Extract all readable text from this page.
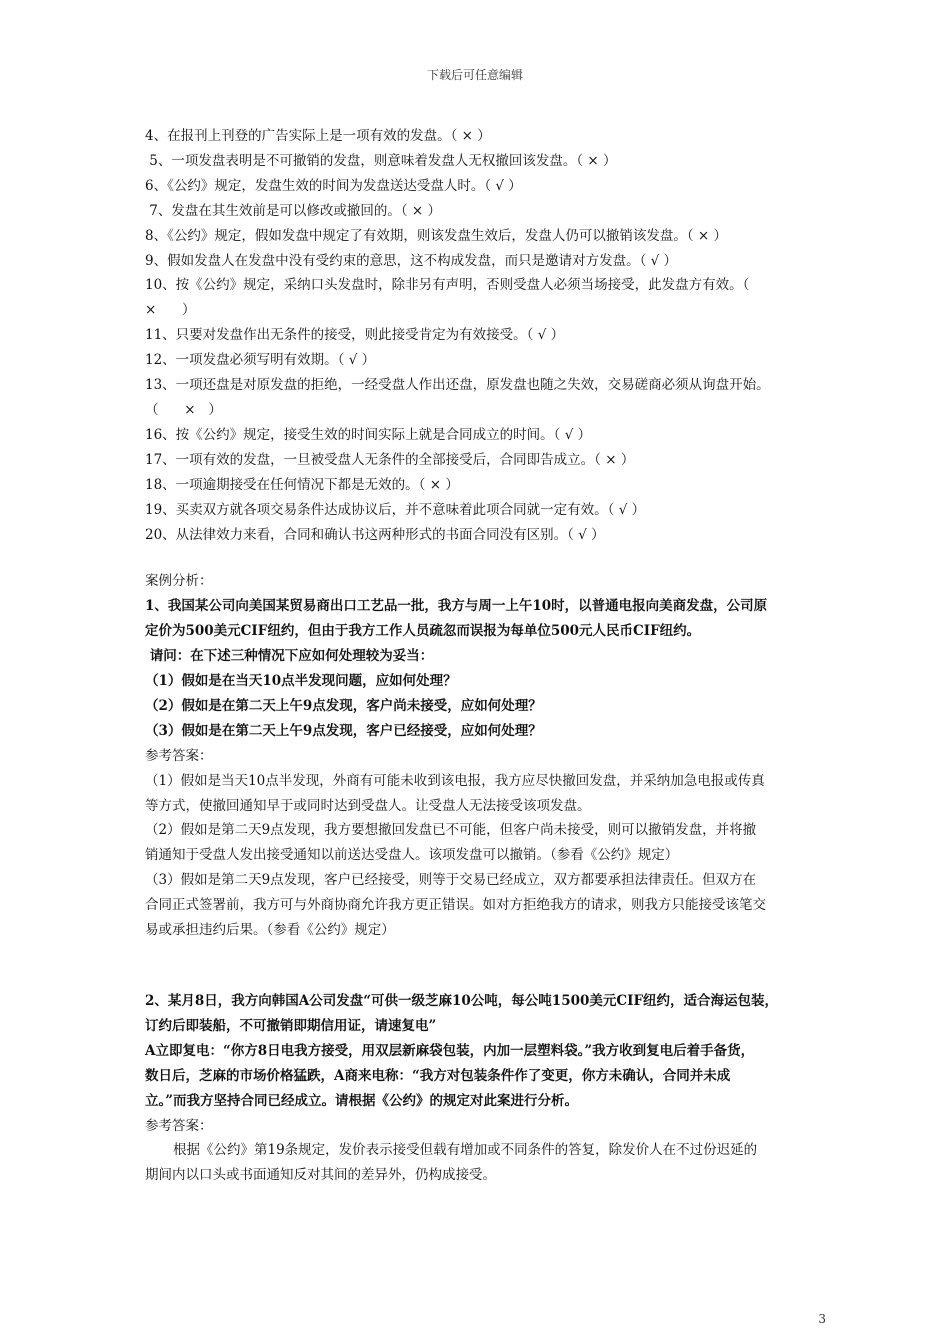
下载后可任意编辑
4、在报刊上刊登的广告实际上是一项有效的发盘。（ × ）
5、一项发盘表明是不可撤销的发盘，则意味着发盘人无权撤回该发盘。（ × ）
6、《公约》规定，发盘生效的时间为发盘送达受盘人时。（ √ ）
7、发盘在其生效前是可以修改或撤回的。（ × ）
8、《公约》规定，假如发盘中规定了有效期，则该发盘生效后，发盘人仍可以撤销该发盘。（ × ）
9、假如发盘人在发盘中没有受约束的意思，这不构成发盘，而只是邀请对方发盘。（ √ ）
10、按《公约》规定，采纳口头发盘时，除非另有声明，否则受盘人必须当场接受，此发盘方有效。（
×      ）
11、只要对发盘作出无条件的接受，则此接受肯定为有效接受。（ √ ）
12、一项发盘必须写明有效期。（ √ ）
13、一项还盘是对原发盘的拒绝，一经受盘人作出还盘，原发盘也随之失效，交易磋商必须从询盘开始。
（      ×   ）
16、按《公约》规定，接受生效的时间实际上就是合同成立的时间。（ √ ）
17、一项有效的发盘，一旦被受盘人无条件的全部接受后，合同即告成立。（ × ）
18、一项逾期接受在任何情况下都是无效的。（ × ）
19、买卖双方就各项交易条件达成协议后，并不意味着此项合同就一定有效。（ √ ）
20、从法律效力来看，合同和确认书这两种形式的书面合同没有区别。（ √ ）
案例分析：
1、我国某公司向美国某贸易商出口工艺品一批，我方与周一上午10时，以普通电报向美商发盘，公司原
定价为500美元CIF纽约，但由于我方工作人员疏忽而误报为每单位500元人民币CIF纽约。
请问：在下述三种情况下应如何处理较为妥当：
（1）假如是在当天10点半发现问题，应如何处理？
（2）假如是在第二天上午9点发现，客户尚未接受，应如何处理？
（3）假如是在第二天上午9点发现，客户已经接受，应如何处理？
参考答案：
（1）假如是当天10点半发现，外商有可能未收到该电报，我方应尽快撤回发盘，并采纳加急电报或传真
等方式，使撤回通知早于或同时达到受盘人。让受盘人无法接受该项发盘。
（2）假如是第二天9点发现，我方要想撤回发盘已不可能，但客户尚未接受，则可以撤销发盘，并将撤
销通知于受盘人发出接受通知以前送达受盘人。该项发盘可以撤销。（参看《公约》规定）
（3）假如是第二天9点发现，客户已经接受，则等于交易已经成立，双方都要承担法律责任。但双方在
合同正式签署前，我方可与外商协商允许我方更正错误。如对方拒绝我方的请求，则我方只能接受该笔交
易或承担违约后果。（参看《公约》规定）
2、某月8日，我方向韩国A公司发盘“可供一级芝麻10公吨，每公吨1500美元CIF纽约，适合海运包装，
订约后即装船，不可撤销即期信用证，请速复电”
A立即复电：“你方8日电我方接受，用双层新麻袋包装，内加一层塑料袋。”我方收到复电后着手备货，
数日后，芝麻的市场价格猛跌，A商来电称：“我方对包装条件作了变更，你方未确认，合同并未成
立。”而我方坚持合同已经成立。请根据《公约》的规定对此案进行分析。
参考答案：
根据《公约》第19条规定，发价表示接受但载有增加或不同条件的答复，除发价人在不过份迟延的
期间内以口头或书面通知反对其间的差异外，仍构成接受。
3
